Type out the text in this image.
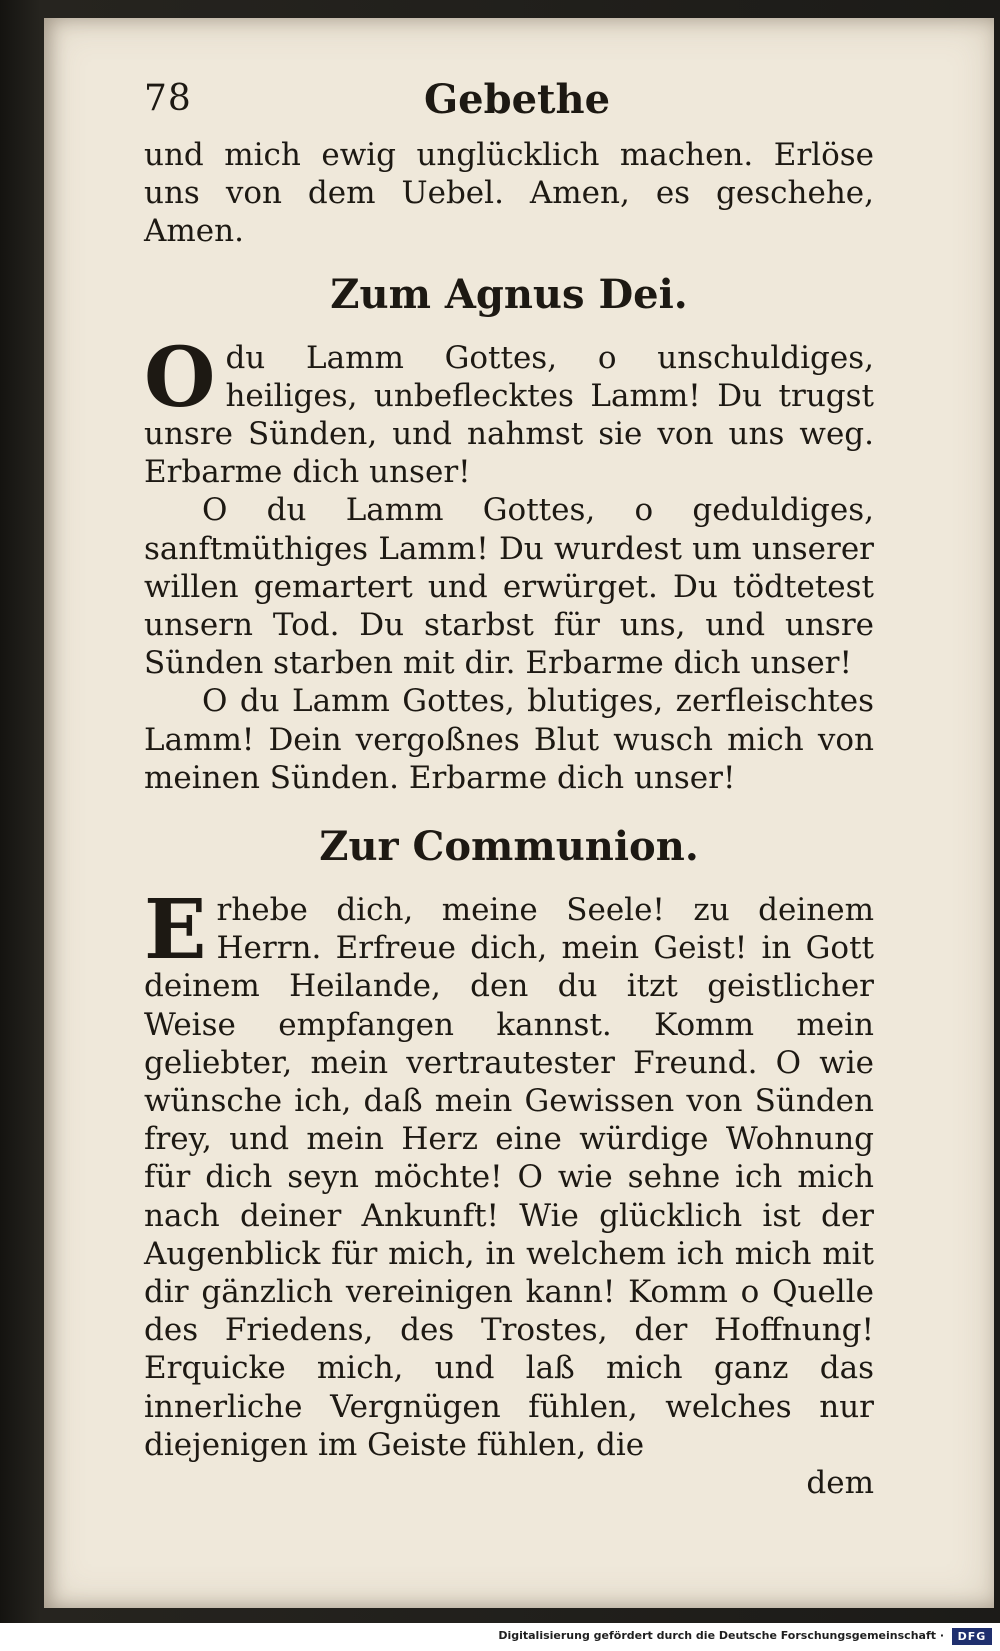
78	Gebethe

und mich ewig unglücklich machen. Erlöse uns von dem Uebel. Amen, es geschehe, Amen.

Zum Agnus Dei.

Odu Lamm Gottes, o unschuldiges, heiliges, unbeflecktes Lamm! Du trugst unsre Sünden, und nahmst sie von uns weg. Erbarme dich unser!

O du Lamm Gottes, o geduldiges, sanftmüthiges Lamm! Du wurdest um unserer willen gemartert und erwürget. Du tödtetest unsern Tod. Du starbst für uns, und unsre Sünden starben mit dir. Erbarme dich unser!

O du Lamm Gottes, blutiges, zerfleischtes Lamm! Dein vergoßnes Blut wusch mich von meinen Sünden. Erbarme dich unser!

Zur Communion.

Erhebe dich, meine Seele! zu deinem Herrn. Erfreue dich, mein Geist! in Gott deinem Heilande, den du itzt geistlicher Weise empfangen kannst. Komm mein geliebter, mein vertrautester Freund. O wie wünsche ich, daß mein Gewissen von Sünden frey, und mein Herz eine würdige Wohnung für dich seyn möchte! O wie sehne ich mich nach deiner Ankunft! Wie glücklich ist der Augenblick für mich, in welchem ich mich mit dir gänzlich vereinigen kann! Komm o Quelle des Friedens, des Trostes, der Hoffnung! Erquicke mich, und laß mich ganz das innerliche Vergnügen fühlen, welches nur diejenigen im Geiste fühlen, die

dem

Digitalisierung gefördert durch die Deutsche Forschungsgemeinschaft ·	DFG
